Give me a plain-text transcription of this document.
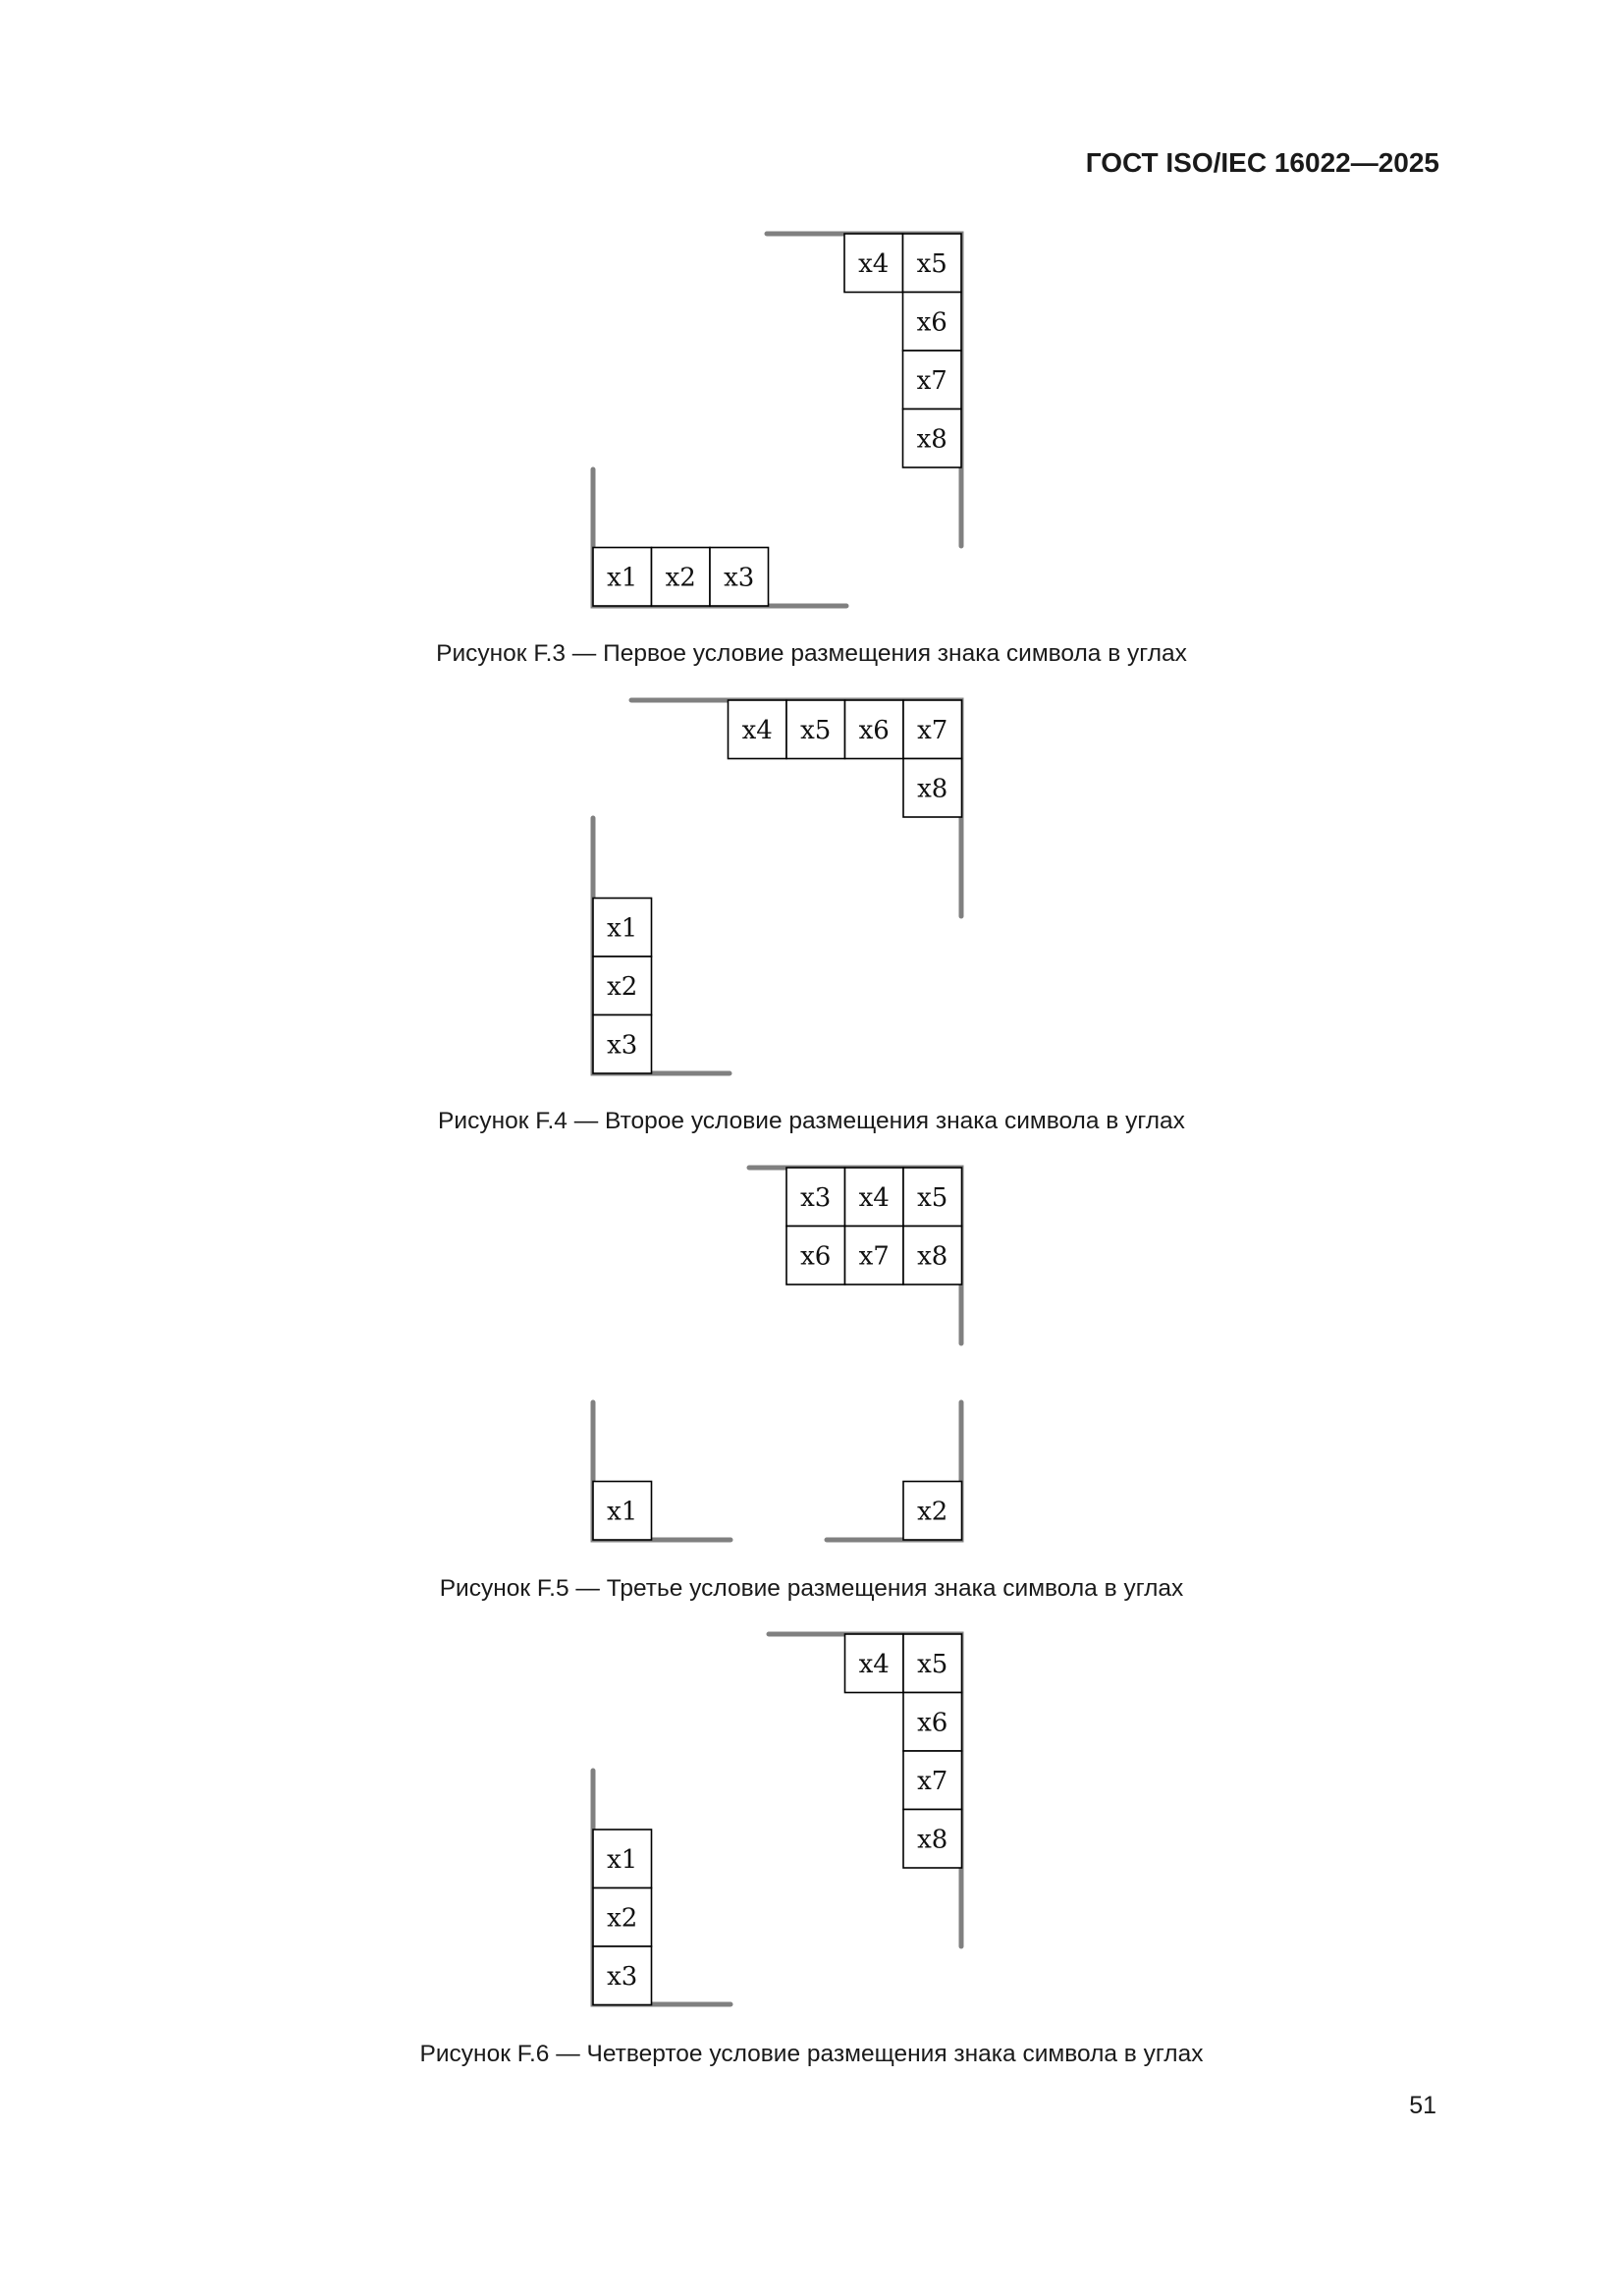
ГОСТ ISO/IEC 16022—2025
x1 x2 x3
x4 x5
x6
x7
x8
x1
x2
x3
x4 x5 x6 x7
x8
x1	x2
x3 x4 x5
x6 x7 x8
x1
x2
x3
x4 x5
x6
x7
x8
Рисунок F.3 — Первое условие размещения знака символа в углах
Рисунок F.4 — Второе условие размещения знака символа в углах
Рисунок F.5 — Третье условие размещения знака символа в углах
Рисунок F.6 — Четвертое условие размещения знака символа в углах
51
